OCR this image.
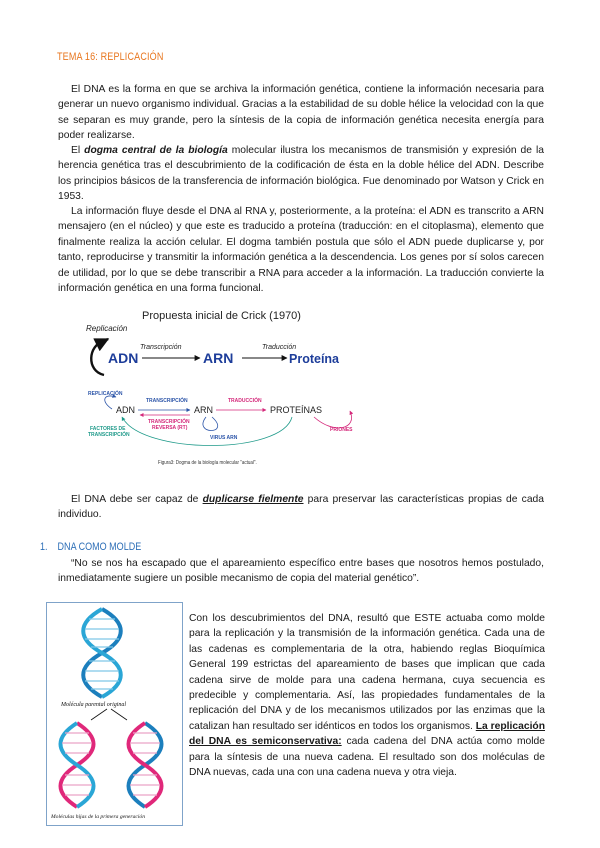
TEMA 16: REPLICACIÓN
El DNA es la forma en que se archiva la información genética, contiene la información necesaria para generar un nuevo organismo individual. Gracias a la estabilidad de su doble hélice la velocidad con la que se separan es muy grande, pero la síntesis de la copia de información genética necesita energía para poder realizarse.
El dogma central de la biología molecular ilustra los mecanismos de transmisión y expresión de la herencia genética tras el descubrimiento de la codificación de ésta en la doble hélice del ADN. Describe los principios básicos de la transferencia de información biológica. Fue denominado por Watson y Crick en 1953.
La información fluye desde el DNA al RNA y, posteriormente, a la proteína: el ADN es transcrito a ARN mensajero (en el núcleo) y que este es traducido a proteína (traducción: en el citoplasma), elemento que finalmente realiza la acción celular. El dogma también postula que sólo el ADN puede duplicarse y, por tanto, reproducirse y transmitir la información genética a la descendencia. Los genes por sí solos carecen de utilidad, por lo que se debe transcribir a RNA para acceder a la información. La traducción convierte la información genética en una forma funcional.
Propuesta inicial de Crick (1970)
Replicación
ADN
Transcripción
ARN
Traducción
Proteína
REPLICACIÓN
ADN
TRANSCRIPCIÓN
ARN
TRADUCCIÓN
PROTEÍNAS
TRANSCRIPCIÓN
REVERSA (RT)
VIRUS ARN
PRIONES
FACTORES DE
TRANSCRIPCIÓN
Figura3: Dogma de la biología molecular "actual".
El DNA debe ser capaz de duplicarse fielmente para preservar las características propias de cada individuo.
1.    DNA COMO MOLDE
“No se nos ha escapado que el apareamiento específico entre bases que nosotros hemos postulado, inmediatamente sugiere un posible mecanismo de copia del material genético”.
Molécula parental original
Moléculas hijas de la primera generación
Con los descubrimientos del DNA, resultó que ESTE actuaba como molde para la replicación y la transmisión de la información genética. Cada una de las cadenas es complementaria de la otra, habiendo reglas Bioquímica General 199 estrictas del apareamiento de bases que implican que cada cadena sirve de molde para una cadena hermana, cuya secuencia es predecible y complementaria. Así, las propiedades fundamentales de la replicación del DNA y de los mecanismos utilizados por las enzimas que la catalizan han resultado ser idénticos en todos los organismos. La replicación del DNA es semiconservativa: cada cadena del DNA actúa como molde para la síntesis de una nueva cadena. El resultado son dos moléculas de DNA nuevas, cada una con una cadena nueva y otra vieja.
